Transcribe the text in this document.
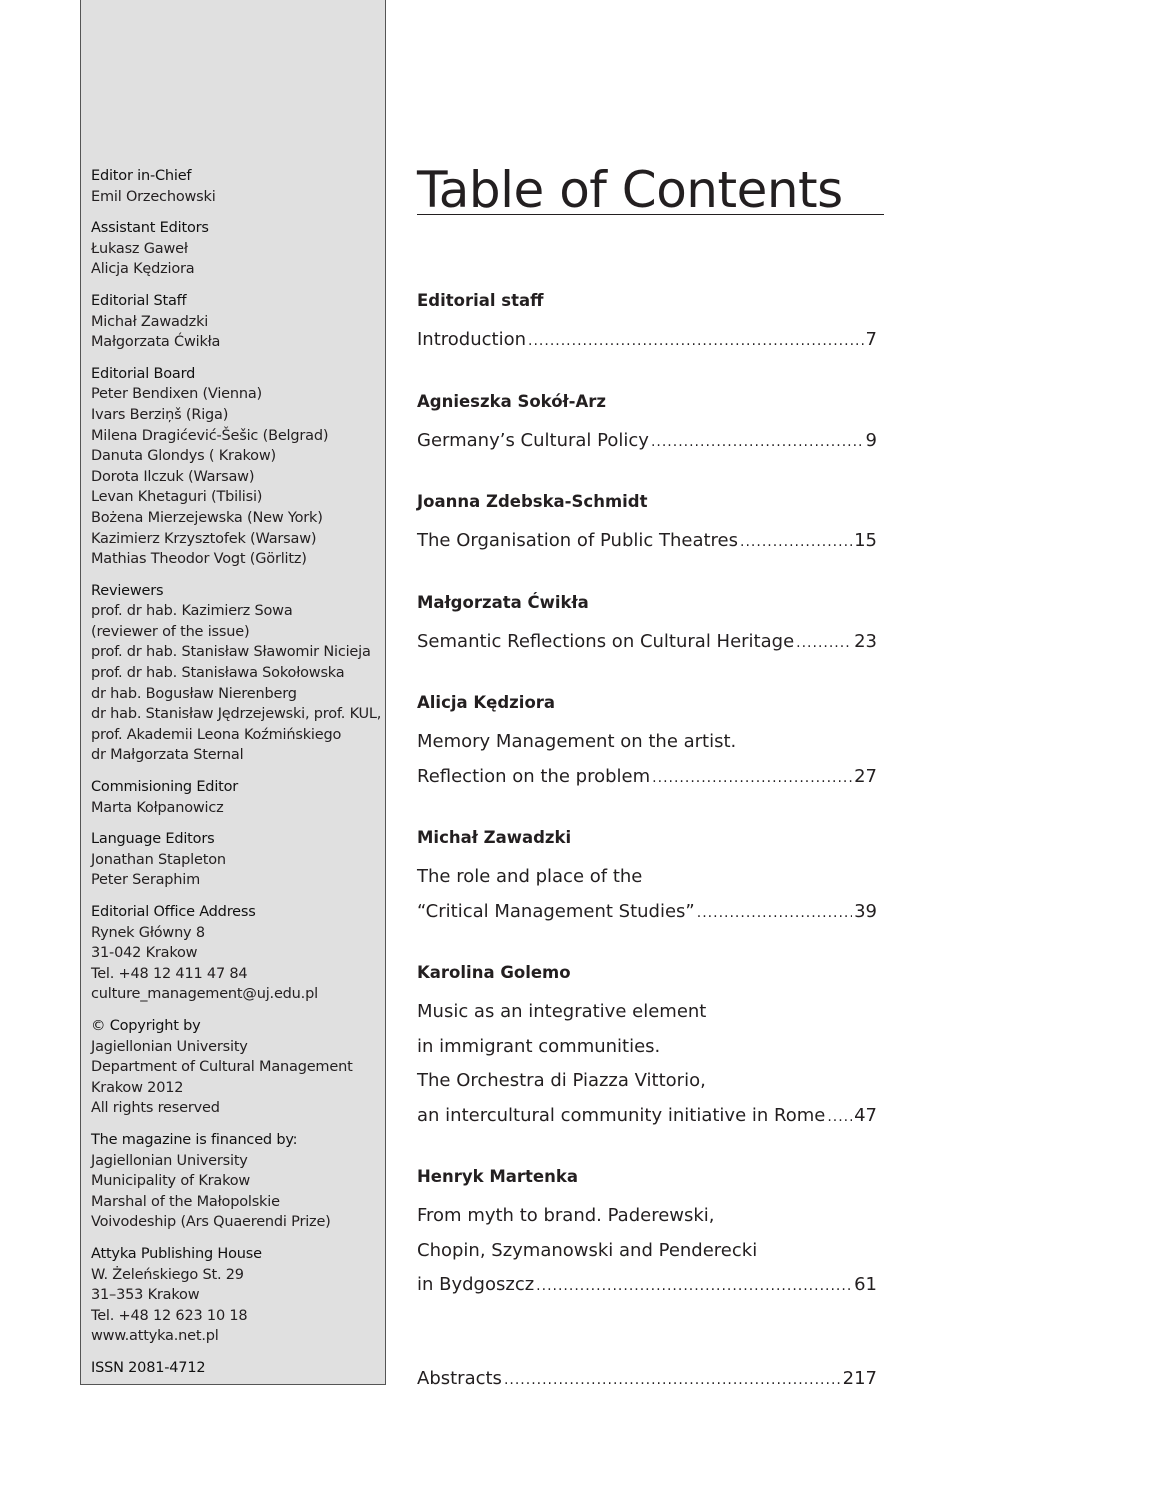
Editor in-Chief
Emil Orzechowski
Assistant Editors
Łukasz Gaweł
Alicja Kędziora
Editorial Staff
Michał Zawadzki
Małgorzata Ćwikła
Editorial Board
Peter Bendixen (Vienna)
Ivars Berziņš (Riga)
Milena Dragićević-Šešic (Belgrad)
Danuta Glondys ( Krakow)
Dorota Ilczuk (Warsaw)
Levan Khetaguri (Tbilisi)
Bożena Mierzejewska (New York)
Kazimierz Krzysztofek (Warsaw)
Mathias Theodor Vogt (Görlitz)
Reviewers
prof. dr hab. Kazimierz Sowa
(reviewer of the issue)
prof. dr hab. Stanisław Sławomir Nicieja
prof. dr hab. Stanisława Sokołowska
dr hab. Bogusław Nierenberg
dr hab. Stanisław Jędrzejewski, prof. KUL,
prof. Akademii Leona Koźmińskiego
dr Małgorzata Sternal
Commisioning Editor
Marta Kołpanowicz
Language Editors
Jonathan Stapleton
Peter Seraphim
Editorial Office Address
Rynek Główny 8
31-042 Krakow
Tel. +48 12 411 47 84
culture_management@uj.edu.pl
© Copyright by
Jagiellonian University
Department of Cultural Management
Krakow 2012
All rights reserved
The magazine is financed by:
Jagiellonian University
Municipality of Krakow
Marshal of the Małopolskie
Voivodeship (Ars Quaerendi Prize)
Attyka Publishing House
W. Żeleńskiego St. 29
31–353 Krakow
Tel. +48 12 623 10 18
www.attyka.net.pl
ISSN 2081-4712
Table of Contents
Editorial staff
Introduction .....	7
Agnieszka Sokół-Arz
Germany’s Cultural Policy .....	9
Joanna Zdebska-Schmidt
The Organisation of Public Theatres .....	15
Małgorzata Ćwikła
Semantic Reflections on Cultural Heritage .....	23
Alicja Kędziora
Memory Management on the artist.
Reflection on the problem .....	27
Michał Zawadzki
The role and place of the
“Critical Management Studies” .....	39
Karolina Golemo
Music as an integrative element
in immigrant communities.
The Orchestra di Piazza Vittorio,
an intercultural community initiative in Rome ..... 47
Henryk Martenka
From myth to brand. Paderewski,
Chopin, Szymanowski and Penderecki
in Bydgoszcz .....	61
Abstracts .....	217
